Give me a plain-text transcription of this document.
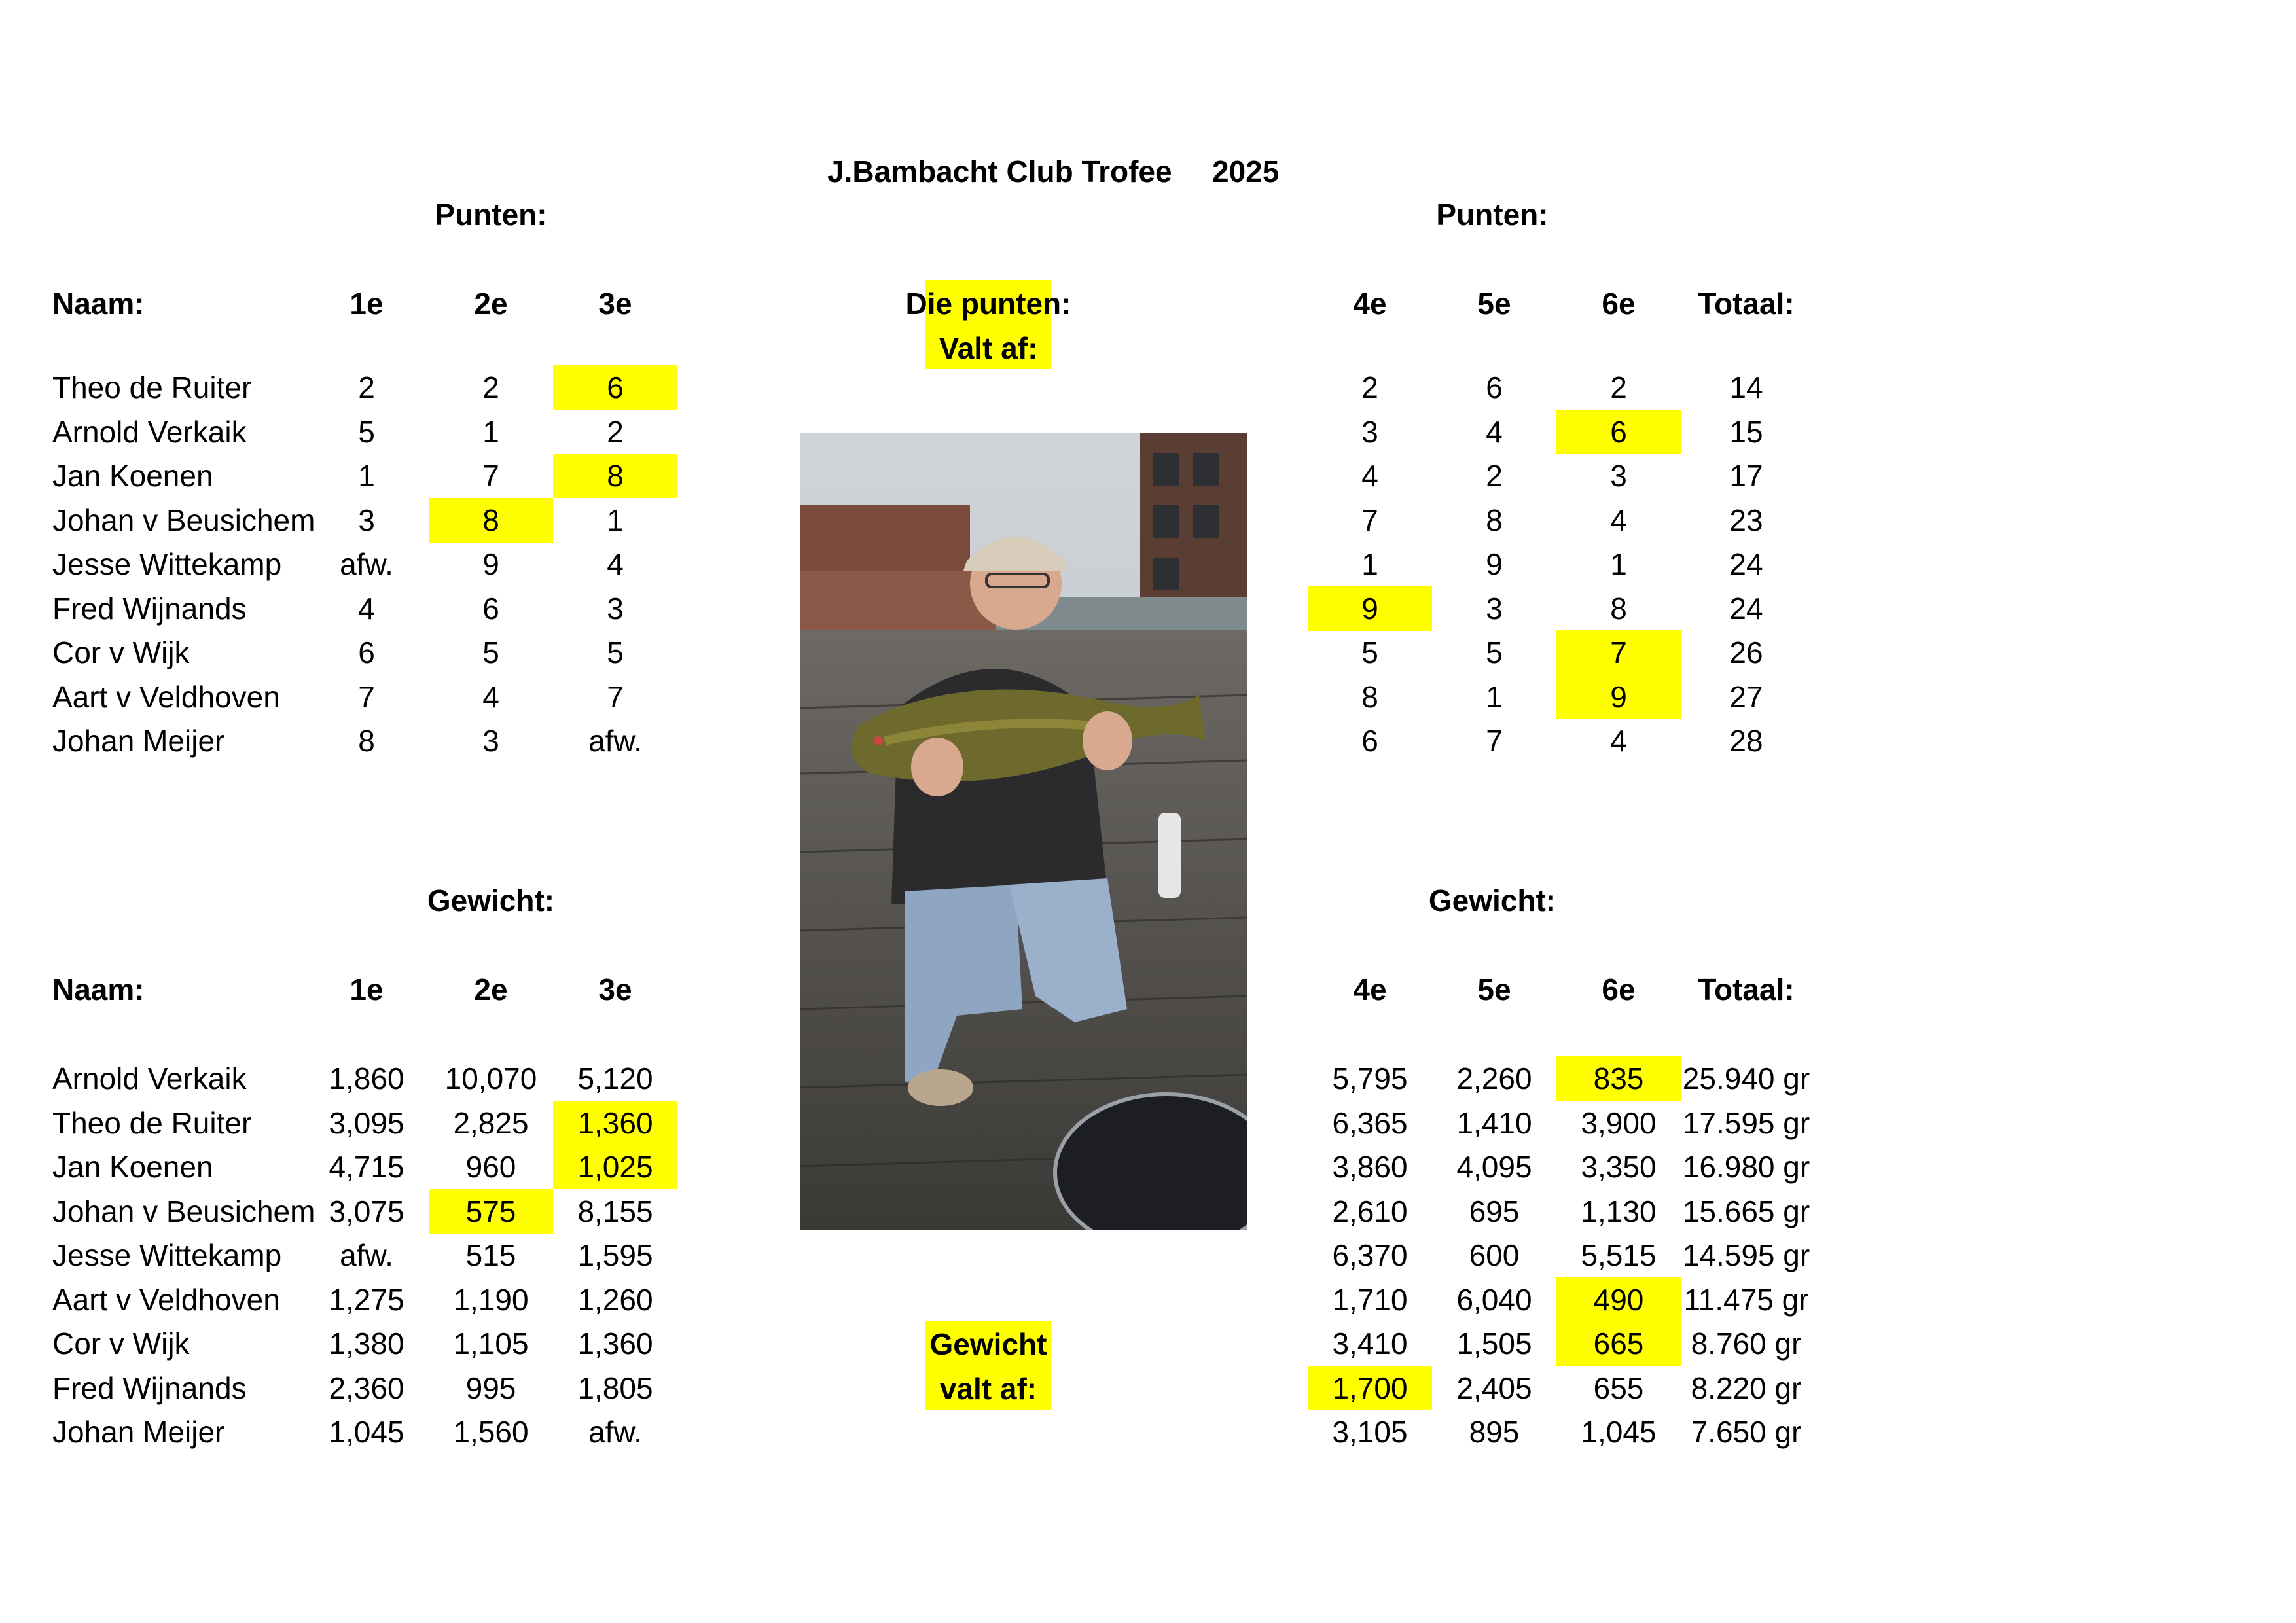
J.Bambacht Club Trofee 2025
Punten:	Punten:
Naam:	1e	2e	3e	4e	5e	6e	Totaal:
Die punten:
Valt af:
Theo de Ruiter	2	2	6	2	6	2	14
Arnold Verkaik	5	1	2	3	4	6	15
Jan Koenen	1	7	8	4	2	3	17
Johan v Beusichem	3	8	1	7	8	4	23
Jesse Wittekamp	afw.	9	4	1	9	1	24
Fred Wijnands	4	6	3	9	3	8	24
Cor v Wijk	6	5	5	5	5	7	26
Aart v Veldhoven	7	4	7	8	1	9	27
Johan Meijer	8	3	afw.	6	7	4	28
Gewicht:	Gewicht:
Naam:	1e	2e	3e	4e	5e	6e	Totaal:
Arnold Verkaik	1,860	10,070	5,120	5,795	2,260	835	25.940 gr
Theo de Ruiter	3,095	2,825	1,360	6,365	1,410	3,900 17.595 gr
Jan Koenen	4,715	960	1,025	3,860	4,095	3,350 16.980 gr
Johan v Beusichem 3,075	575	8,155	2,610	695	1,130 15.665 gr
Jesse Wittekamp	afw.	515	1,595	6,370	600	5,515 14.595 gr
Aart v Veldhoven	1,275	1,190	1,260	1,710	6,040	490	11.475 gr
Cor v Wijk	1,380	1,105	1,360	3,410	1,505	665	8.760 gr
Fred Wijnands	2,360	995	1,805	1,700	2,405	655	8.220 gr
Johan Meijer	1,045	1,560	afw.	3,105	895	1,045	7.650 gr
Gewicht
valt af:
